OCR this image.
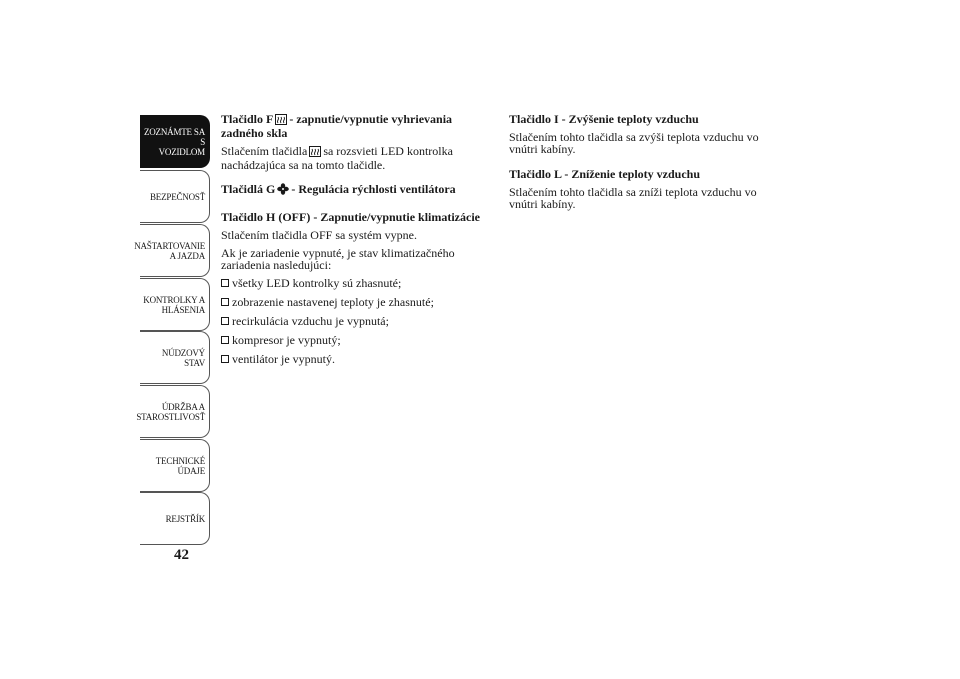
ZOZNÁMTE SA S
VOZIDLOM
BEZPEČNOSŤ
NAŠTARTOVANIE
A JAZDA
KONTROLKY A
HLÁSENIA
NÚDZOVÝ STAV
ÚDRŽBA A
STAROSTLIVOSŤ
TECHNICKÉ
ÚDAJE
REJSTŘÍK
42
Tlačidlo F - zapnutie/vypnutie vyhrievania
zadného skla
Stlačením tlačidla sa rozsvieti LED kontrolka
nachádzajúca sa na tomto tlačidle.
Tlačidlá G - Regulácia rýchlosti ventilátora
Tlačidlo H (OFF) - Zapnutie/vypnutie klimatizácie
Stlačením tlačidla OFF sa systém vypne.
Ak je zariadenie vypnuté, je stav klimatizačného
zariadenia nasledujúci:
všetky LED kontrolky sú zhasnuté;
zobrazenie nastavenej teploty je zhasnuté;
recirkulácia vzduchu je vypnutá;
kompresor je vypnutý;
ventilátor je vypnutý.
Tlačidlo I - Zvýšenie teploty vzduchu
Stlačením tohto tlačidla sa zvýši teplota vzduchu vo
vnútri kabíny.
Tlačidlo L - Zníženie teploty vzduchu
Stlačením tohto tlačidla sa zníži teplota vzduchu vo
vnútri kabíny.
